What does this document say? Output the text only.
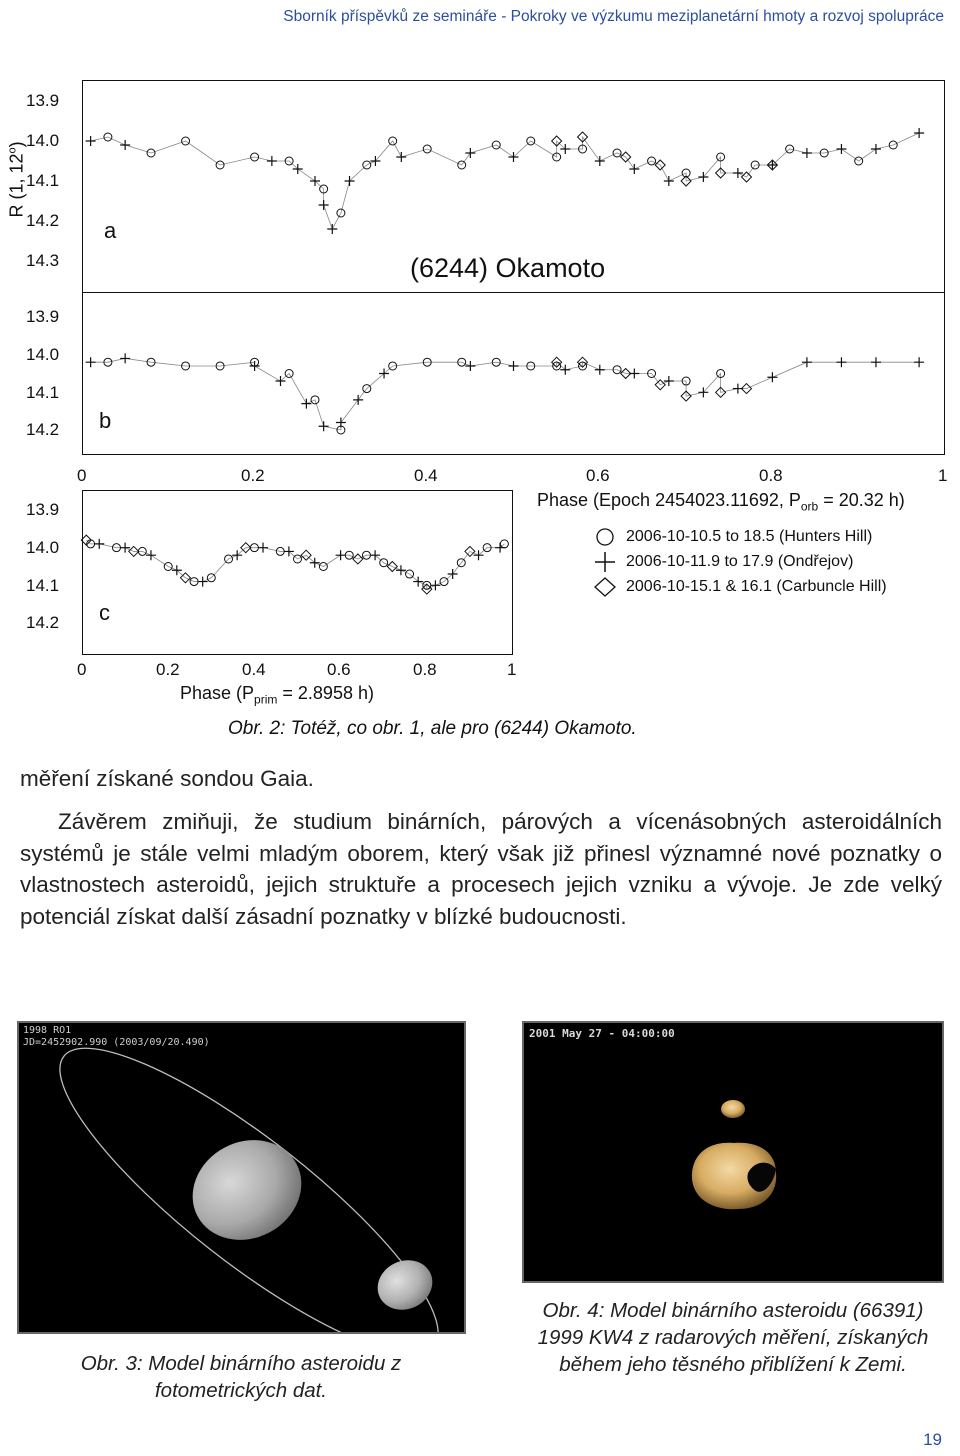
Sborník příspěvků ze semináře - Pokroky ve výzkumu meziplanetární hmoty a rozvoj spolupráce
R (1, 12$^o$)
13.9
14.0
14.1
14.2
14.3
13.9
14.0
14.1
14.2
13.9
14.0
14.1
14.2
a
b
c
(6244) Okamoto
0	0.2	0.4	0.6	0.8	1
Phase (Epoch 2454023.11692, $P_{orb} = 20.32$ h)
0	0.2	0.4	0.6	0.8	1
Phase ($P_{prim} = 2.8958$ h)
2006-10-10.5 to 18.5 (Hunters Hill)
2006-10-11.9 to 17.9 (Ondřejov)
2006-10-15.1 & 16.1 (Carbuncle Hill)
Obr. 2: Totéž, co obr. 1, ale pro (6244) Okamoto.
měření získané sondou Gaia.
Závěrem zmiňuji, že studium binárních, párových a vícenásobných asteroidálních systémů je stále velmi mladým oborem, který však již přinesl významné nové poznatky o vlastnostech asteroidů, jejich struktuře a procesech jejich vzniku a vývoje. Je zde velký potenciál získat další zásadní poznatky v blízké budoucnosti.
1998 RO1
JD=2452902.990 (2003/09/20.490)
2001 May 27 - 04:00:00
Obr. 3: Model binárního asteroidu z fotometrických dat.
Obr. 4: Model binárního asteroidu (66391) 1999 KW4 z radarových měření, získaných během jeho těsného přiblížení k Zemi.
19
